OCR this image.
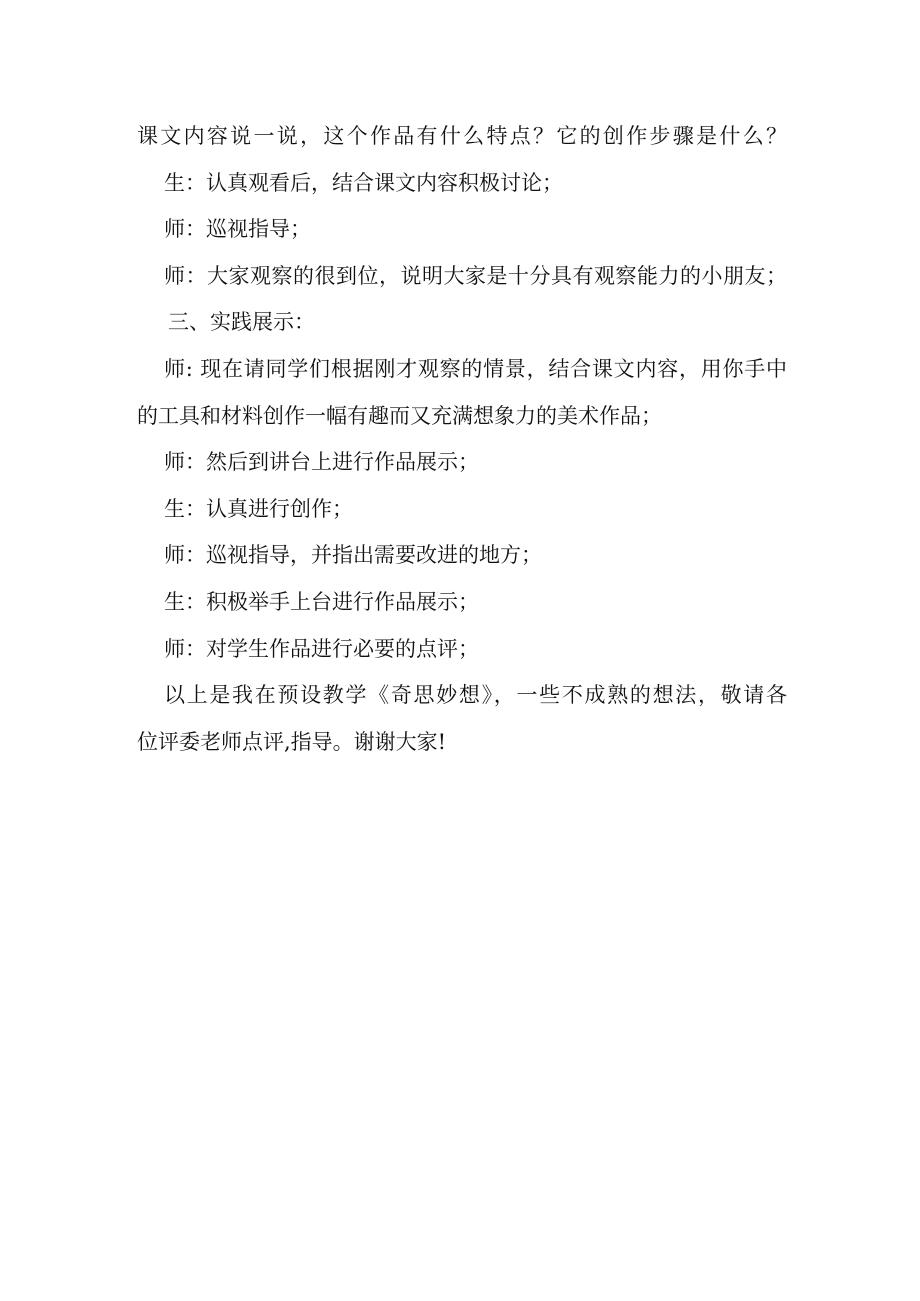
课文内容说一说，这个作品有什么特点？它的创作步骤是什么？
生：认真观看后，结合课文内容积极讨论；
师：巡视指导；
师：大家观察的很到位，说明大家是十分具有观察能力的小朋友；
三、实践展示：
师: 现在请同学们根据刚才观察的情景，结合课文内容，用你手中
的工具和材料创作一幅有趣而又充满想象力的美术作品；
师：然后到讲台上进行作品展示；
生：认真进行创作；
师：巡视指导，并指出需要改进的地方；
生：积极举手上台进行作品展示；
师：对学生作品进行必要的点评；
以上是我在预设教学《奇思妙想》，一些不成熟的想法，敬请各
位评委老师点评,指导。谢谢大家!
